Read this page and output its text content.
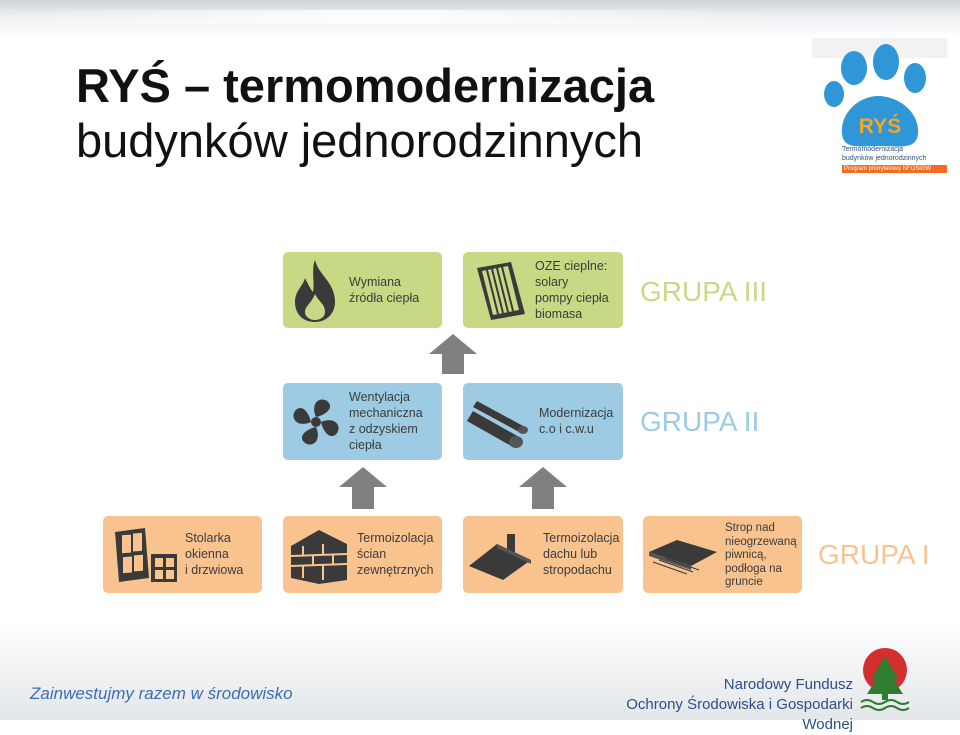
RYŚ – termomodernizacja
budynków jednorodzinnych	RYŚ
Termomodernizacja
budynków jednorodzinnych
Program priorytetowy NFOŚiGW
Wymiana
źródła ciepła
OZE cieplne:
solary
pompy ciepła
biomasa
GRUPA III
Wentylacja
mechaniczna
z odzyskiem
ciepła
Modernizacja
c.o i c.w.u	GRUPA II
Stolarka
okienna
i drzwiowa
Termoizolacja
ścian
zewnętrznych
Termoizolacja
dachu lub
stropodachu
Strop nad
nieogrzewaną
piwnicą,
podłoga na
gruncie
GRUPA I
Zainwestujmy razem w środowisko	Narodowy Fundusz
Ochrony Środowiska i Gospodarki Wodnej
